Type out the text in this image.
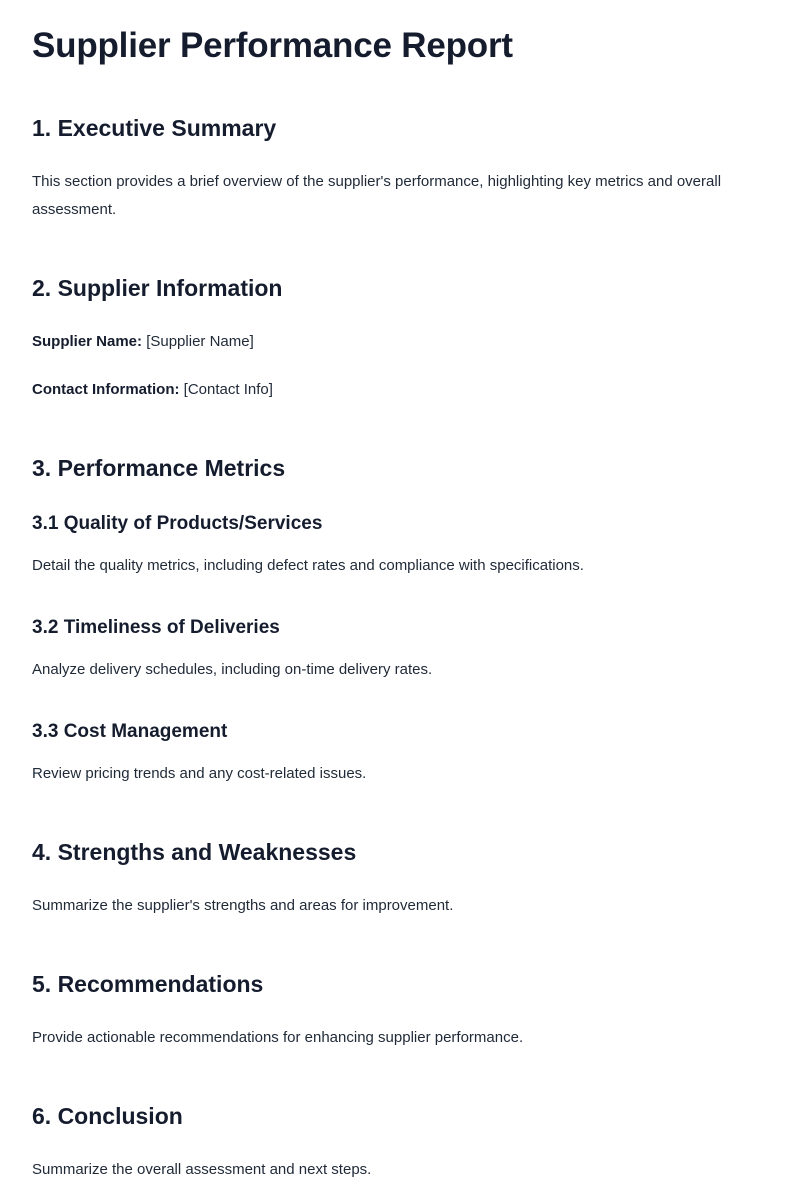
Supplier Performance Report
1. Executive Summary

This section provides a brief overview of the supplier's performance, highlighting key metrics and overall assessment.

2. Supplier Information

Supplier Name: [Supplier Name]

Contact Information: [Contact Info]

3. Performance Metrics
3.1 Quality of Products/Services

Detail the quality metrics, including defect rates and compliance with specifications.

3.2 Timeliness of Deliveries

Analyze delivery schedules, including on-time delivery rates.

3.3 Cost Management

Review pricing trends and any cost-related issues.

4. Strengths and Weaknesses

Summarize the supplier's strengths and areas for improvement.

5. Recommendations

Provide actionable recommendations for enhancing supplier performance.

6. Conclusion

Summarize the overall assessment and next steps.
